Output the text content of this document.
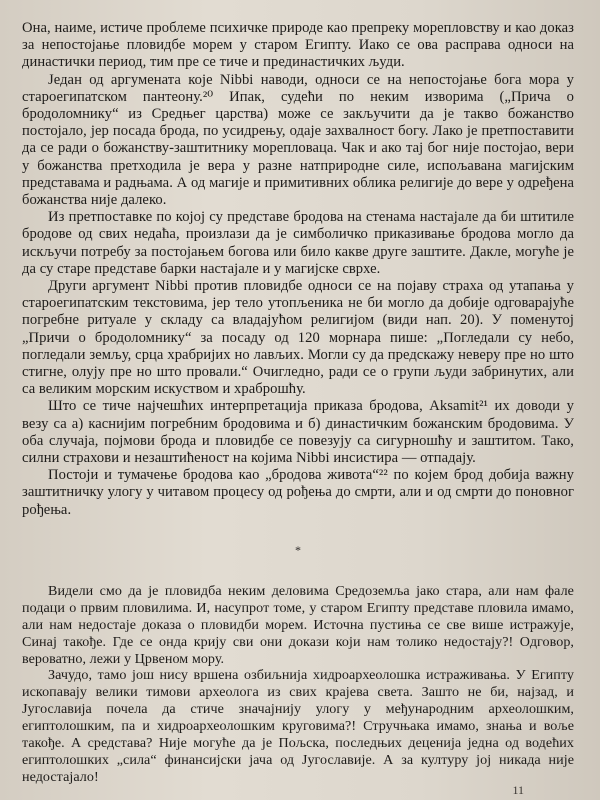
Она, наиме, истиче проблеме психичке природе као препреку морепловству и као доказ за непостојање пловидбе морем у старом Египту. Иако се ова расправа односи на династички период, тим пре се тиче и прединастичких људи.

Један од аргумената које Nibbi наводи, односи се на непостојање бога мора у староегипатском пантеону.²⁰ Ипак, судећи по неким изворима („Прича о бродоломнику“ из Средњег царства) може се закључити да је такво божанство постојало, јер посада брода, по усидрењу, одаје захвалност богу. Лако је претпоставити да се ради о божанству-заштитнику морепловаца. Чак и ако тај бог није постојао, вери у божанства претходила је вера у разне натприродне силе, испољавана магијским представама и радњама. А од магије и примитивних облика религије до вере у одређена божанства није далеко.

Из претпоставке по којој су представе бродова на стенама настајале да би штитиле бродове од свих недаћа, произлази да је симболичко приказивање бродова могло да искључи потребу за постојањем богова или било какве друге заштите. Дакле, могуће је да су старе представе барки настајале и у магијске сврхе.

Други аргумент Nibbi против пловидбе односи се на појаву страха од утапања у староегипатским текстовима, јер тело утопљеника не би могло да добије одговарајуће погребне ритуале у складу са владајућом религијом (види нап. 20). У поменутој „Причи о бродоломнику“ за посаду од 120 морнара пише: „Погледали су небо, погледали земљу, срца храбријих но лављих. Могли су да предскажу неверу пре но што стигне, олују пре но што провали.“ Очигледно, ради се о групи људи забринутих, али са великим морским искуством и храброшћу.

Што се тиче најчешћих интерпретација приказа бродова, Aksamit²¹ их доводи у везу са а) каснијим погребним бродовима и б) династичким божанским бродовима. У оба случаја, појмови брода и пловидбе се повезују са сигурношћу и заштитом. Тако, силни страхови и незаштићеност на којима Nibbi инсистира — отпадају.

Постоји и тумачење бродова као „бродова живота“²² по којем брод добија важну заштитничку улогу у читавом процесу од рођења до смрти, али и од смрти до поновног рођења.

*

Видели смо да је пловидба неким деловима Средоземља јако стара, али нам фале подаци о првим пловилима. И, насупрот томе, у старом Египту представе пловила имамо, али нам недостаје доказа о пловидби морем. Источна пустиња се све више истражује, Синај такође. Где се онда крију сви они докази који нам толико недостају?! Одговор, вероватно, лежи у Црвеном мору.

Зачудо, тамо још нису вршена озбиљнија хидроархеолошка истраживања. У Египту ископавају велики тимови археолога из свих крајева света. Зашто не би, најзад, и Југославија почела да стиче значајнију улогу у међународним археолошким, египтолошким, па и хидроархеолошким круговима?! Стручњака имамо, знања и воље такође. А средстава? Није могуће да је Пољска, последњих деценија једна од водећих египтолошких „сила“ финансијски јача од Југославије. А за културу јој никада није недостајало!

11
